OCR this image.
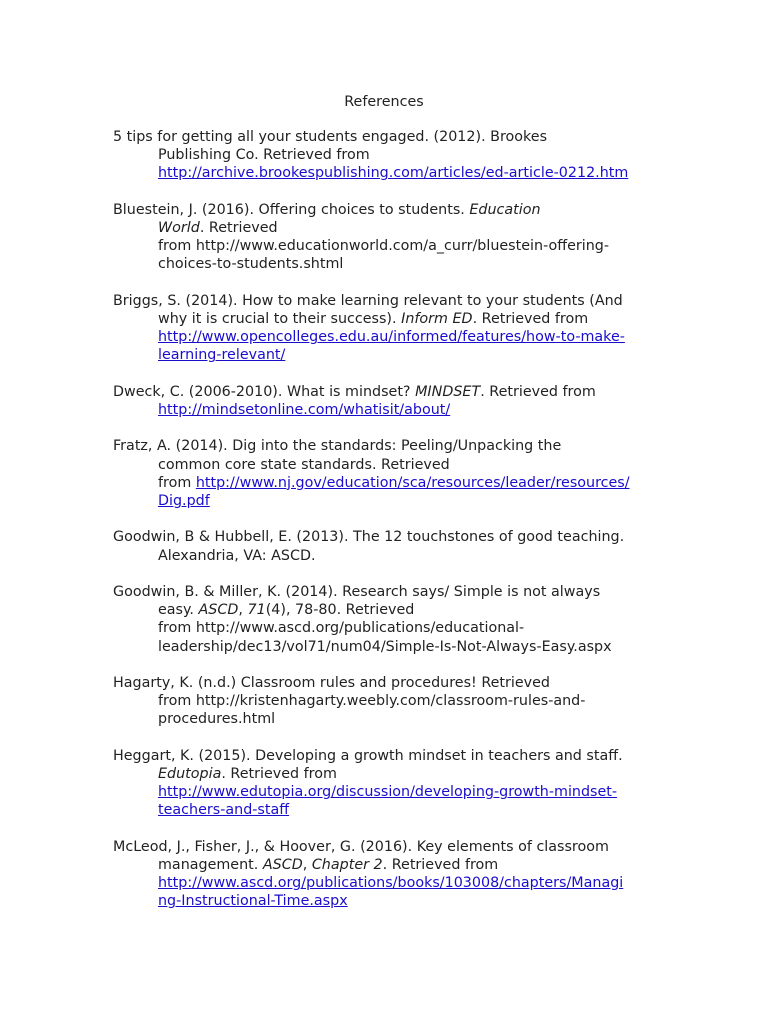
References
5 tips for getting all your students engaged. (2012). Brookes
Publishing Co. Retrieved from
http://archive.brookespublishing.com/articles/ed-article-0212.htm
Bluestein, J. (2016). Offering choices to students. Education
World. Retrieved
from http://www.educationworld.com/a_curr/bluestein-offering-
choices-to-students.shtml
Briggs, S. (2014). How to make learning relevant to your students (And
why it is crucial to their success). Inform ED. Retrieved from
http://www.opencolleges.edu.au/informed/features/how-to-make-
learning-relevant/
Dweck, C. (2006-2010). What is mindset? MINDSET. Retrieved from
http://mindsetonline.com/whatisit/about/
Fratz, A. (2014). Dig into the standards: Peeling/Unpacking the
common core state standards. Retrieved
from http://www.nj.gov/education/sca/resources/leader/resources/
Dig.pdf
Goodwin, B & Hubbell, E. (2013). The 12 touchstones of good teaching.
Alexandria, VA: ASCD.
Goodwin, B. & Miller, K. (2014). Research says/ Simple is not always
easy. ASCD, 71(4), 78-80. Retrieved
from http://www.ascd.org/publications/educational-
leadership/dec13/vol71/num04/Simple-Is-Not-Always-Easy.aspx
Hagarty, K. (n.d.) Classroom rules and procedures! Retrieved
from http://kristenhagarty.weebly.com/classroom-rules-and-
procedures.html
Heggart, K. (2015). Developing a growth mindset in teachers and staff.
Edutopia. Retrieved from
http://www.edutopia.org/discussion/developing-growth-mindset-
teachers-and-staff
McLeod, J., Fisher, J., & Hoover, G. (2016). Key elements of classroom
management. ASCD, Chapter 2. Retrieved from
http://www.ascd.org/publications/books/103008/chapters/Managi
ng-Instructional-Time.aspx
